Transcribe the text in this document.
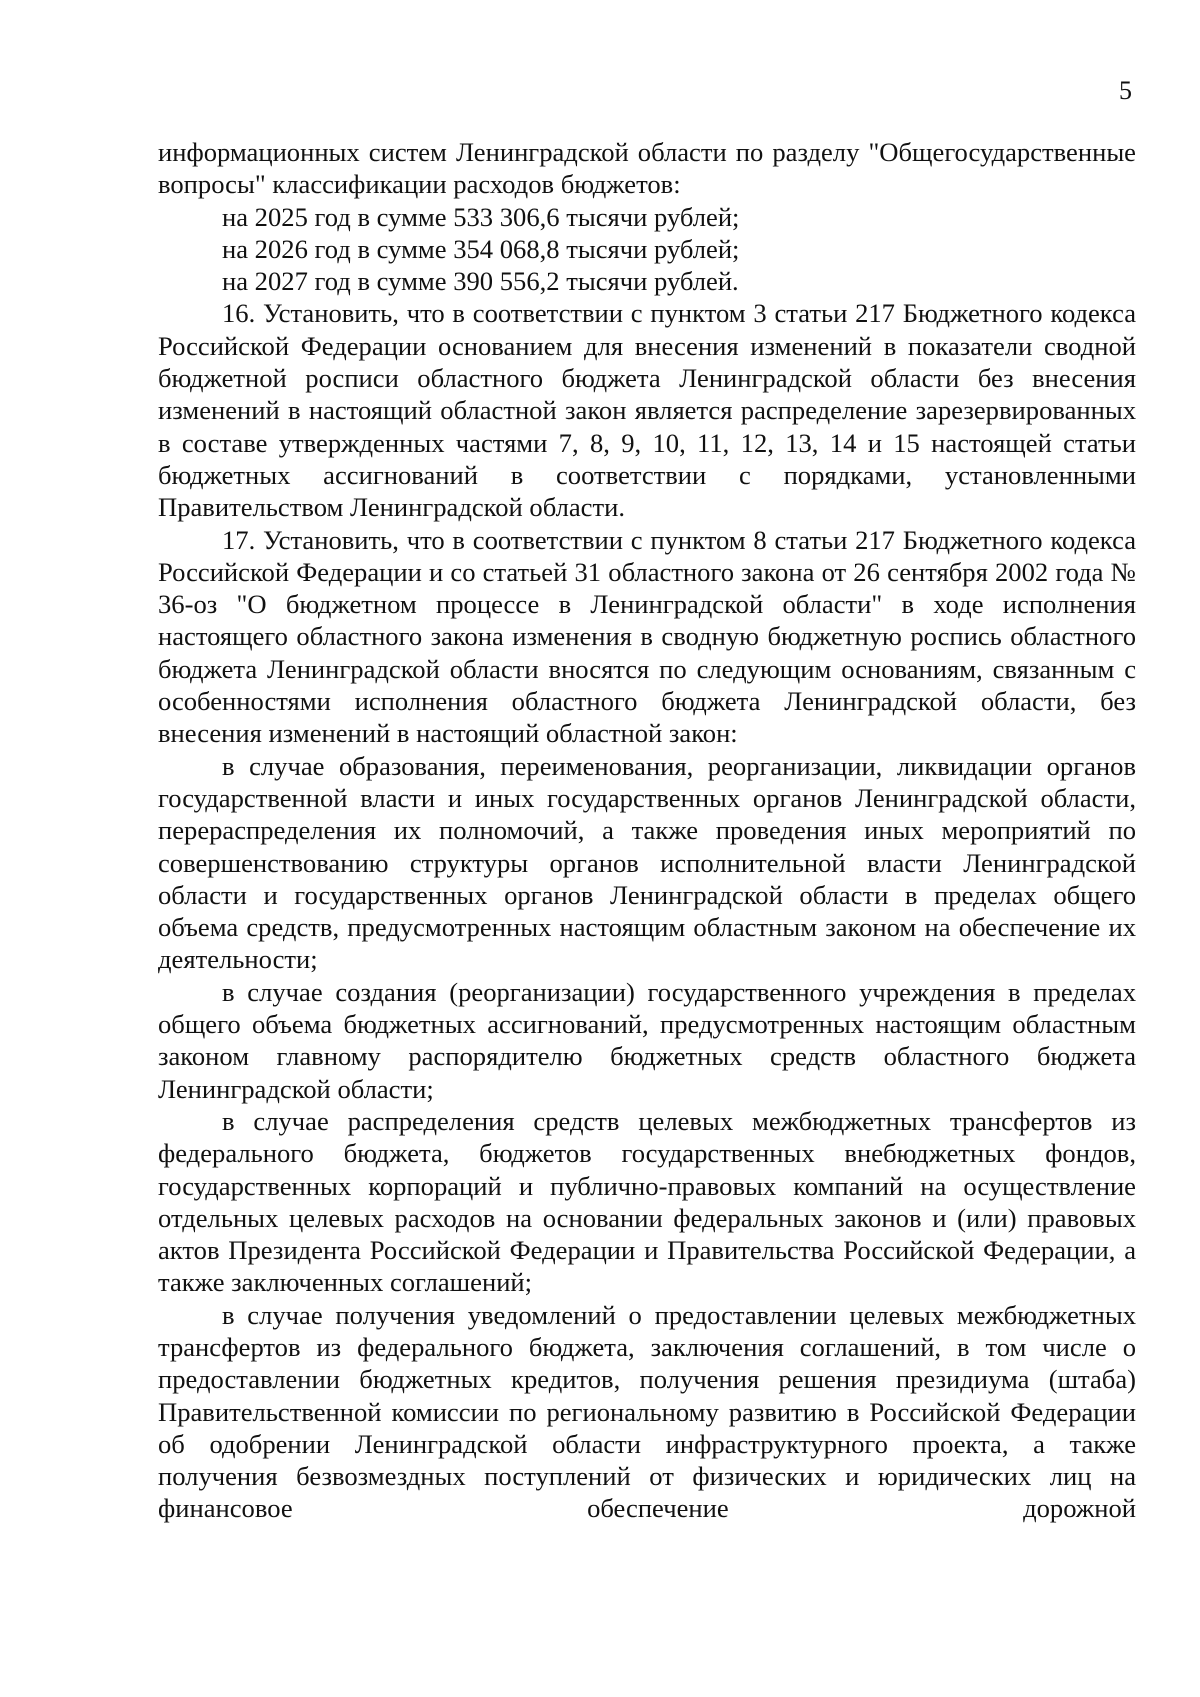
5

информационных систем Ленинградской области по разделу "Общегосударственные вопросы" классификации расходов бюджетов:

на 2025 год в сумме 533 306,6 тысячи рублей;

на 2026 год в сумме 354 068,8 тысячи рублей;

на 2027 год в сумме 390 556,2 тысячи рублей.

16. Установить, что в соответствии с пунктом 3 статьи 217 Бюджетного кодекса Российской Федерации основанием для внесения изменений в показатели сводной бюджетной росписи областного бюджета Ленинградской области без внесения изменений в настоящий областной закон является распределение зарезервированных в составе утвержденных частями 7, 8, 9, 10, 11, 12, 13, 14 и 15 настоящей статьи бюджетных ассигнований в соответствии с порядками, установленными Правительством Ленинградской области.

17. Установить, что в соответствии с пунктом 8 статьи 217 Бюджетного кодекса Российской Федерации и со статьей 31 областного закона от 26 сентября 2002 года № 36-оз "О бюджетном процессе в Ленинградской области" в ходе исполнения настоящего областного закона изменения в сводную бюджетную роспись областного бюджета Ленинградской области вносятся по следующим основаниям, связанным с особенностями исполнения областного бюджета Ленинградской области, без внесения изменений в настоящий областной закон:

в случае образования, переименования, реорганизации, ликвидации органов государственной власти и иных государственных органов Ленинградской области, перераспределения их полномочий, а также проведения иных мероприятий по совершенствованию структуры органов исполнительной власти Ленинградской области и государственных органов Ленинградской области в пределах общего объема средств, предусмотренных настоящим областным законом на обеспечение их деятельности;

в случае создания (реорганизации) государственного учреждения в пределах общего объема бюджетных ассигнований, предусмотренных настоящим областным законом главному распорядителю бюджетных средств областного бюджета Ленинградской области;

в случае распределения средств целевых межбюджетных трансфертов из федерального бюджета, бюджетов государственных внебюджетных фондов, государственных корпораций и публично-правовых компаний на осуществление отдельных целевых расходов на основании федеральных законов и (или) правовых актов Президента Российской Федерации и Правительства Российской Федерации, а также заключенных соглашений;

в случае получения уведомлений о предоставлении целевых межбюджетных трансфертов из федерального бюджета, заключения соглашений, в том числе о предоставлении бюджетных кредитов, получения решения президиума (штаба) Правительственной комиссии по региональному развитию в Российской Федерации об одобрении Ленинградской области инфраструктурного проекта, а также получения безвозмездных поступлений от физических и юридических лиц на финансовое обеспечение дорожной
